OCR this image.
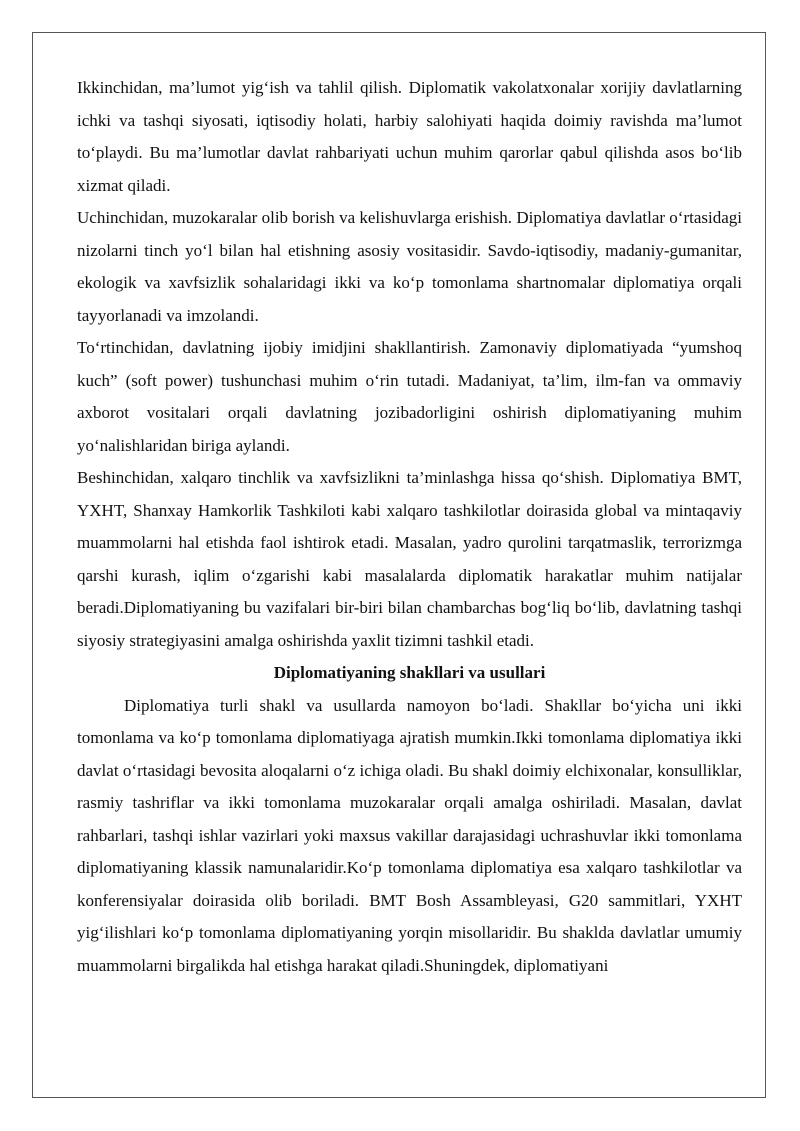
Ikkinchidan, ma’lumot yig‘ish va tahlil qilish. Diplomatik vakolatxonalar xorijiy davlatlarning ichki va tashqi siyosati, iqtisodiy holati, harbiy salohiyati haqida doimiy ravishda ma’lumot to‘playdi. Bu ma’lumotlar davlat rahbariyati uchun muhim qarorlar qabul qilishda asos bo‘lib xizmat qiladi.

Uchinchidan, muzokaralar olib borish va kelishuvlarga erishish. Diplomatiya davlatlar o‘rtasidagi nizolarni tinch yo‘l bilan hal etishning asosiy vositasidir. Savdo-iqtisodiy, madaniy-gumanitar, ekologik va xavfsizlik sohalaridagi ikki va ko‘p tomonlama shartnomalar diplomatiya orqali tayyorlanadi va imzolandi.

To‘rtinchidan, davlatning ijobiy imidjini shakllantirish. Zamonaviy diplomatiyada “yumshoq kuch” (soft power) tushunchasi muhim o‘rin tutadi. Madaniyat, ta’lim, ilm-fan va ommaviy axborot vositalari orqali davlatning jozibadorligini oshirish diplomatiyaning muhim yo‘nalishlaridan biriga aylandi.

Beshinchidan, xalqaro tinchlik va xavfsizlikni ta’minlashga hissa qo‘shish. Diplomatiya BMT, YXHT, Shanxay Hamkorlik Tashkiloti kabi xalqaro tashkilotlar doirasida global va mintaqaviy muammolarni hal etishda faol ishtirok etadi. Masalan, yadro qurolini tarqatmaslik, terrorizmga qarshi kurash, iqlim o‘zgarishi kabi masalalarda diplomatik harakatlar muhim natijalar beradi.Diplomatiyaning bu vazifalari bir-biri bilan chambarchas bog‘liq bo‘lib, davlatning tashqi siyosiy strategiyasini amalga oshirishda yaxlit tizimni tashkil etadi.

Diplomatiyaning shakllari va usullari

Diplomatiya turli shakl va usullarda namoyon bo‘ladi. Shakllar bo‘yicha uni ikki tomonlama va ko‘p tomonlama diplomatiyaga ajratish mumkin.Ikki tomonlama diplomatiya ikki davlat o‘rtasidagi bevosita aloqalarni o‘z ichiga oladi. Bu shakl doimiy elchixonalar, konsulliklar, rasmiy tashriflar va ikki tomonlama muzokaralar orqali amalga oshiriladi. Masalan, davlat rahbarlari, tashqi ishlar vazirlari yoki maxsus vakillar darajasidagi uchrashuvlar ikki tomonlama diplomatiyaning klassik namunalaridir.Ko‘p tomonlama diplomatiya esa xalqaro tashkilotlar va konferensiyalar doirasida olib boriladi. BMT Bosh Assambleyasi, G20 sammitlari, YXHT yig‘ilishlari ko‘p tomonlama diplomatiyaning yorqin misollaridir. Bu shaklda davlatlar umumiy muammolarni birgalikda hal etishga harakat qiladi.Shuningdek, diplomatiyani
